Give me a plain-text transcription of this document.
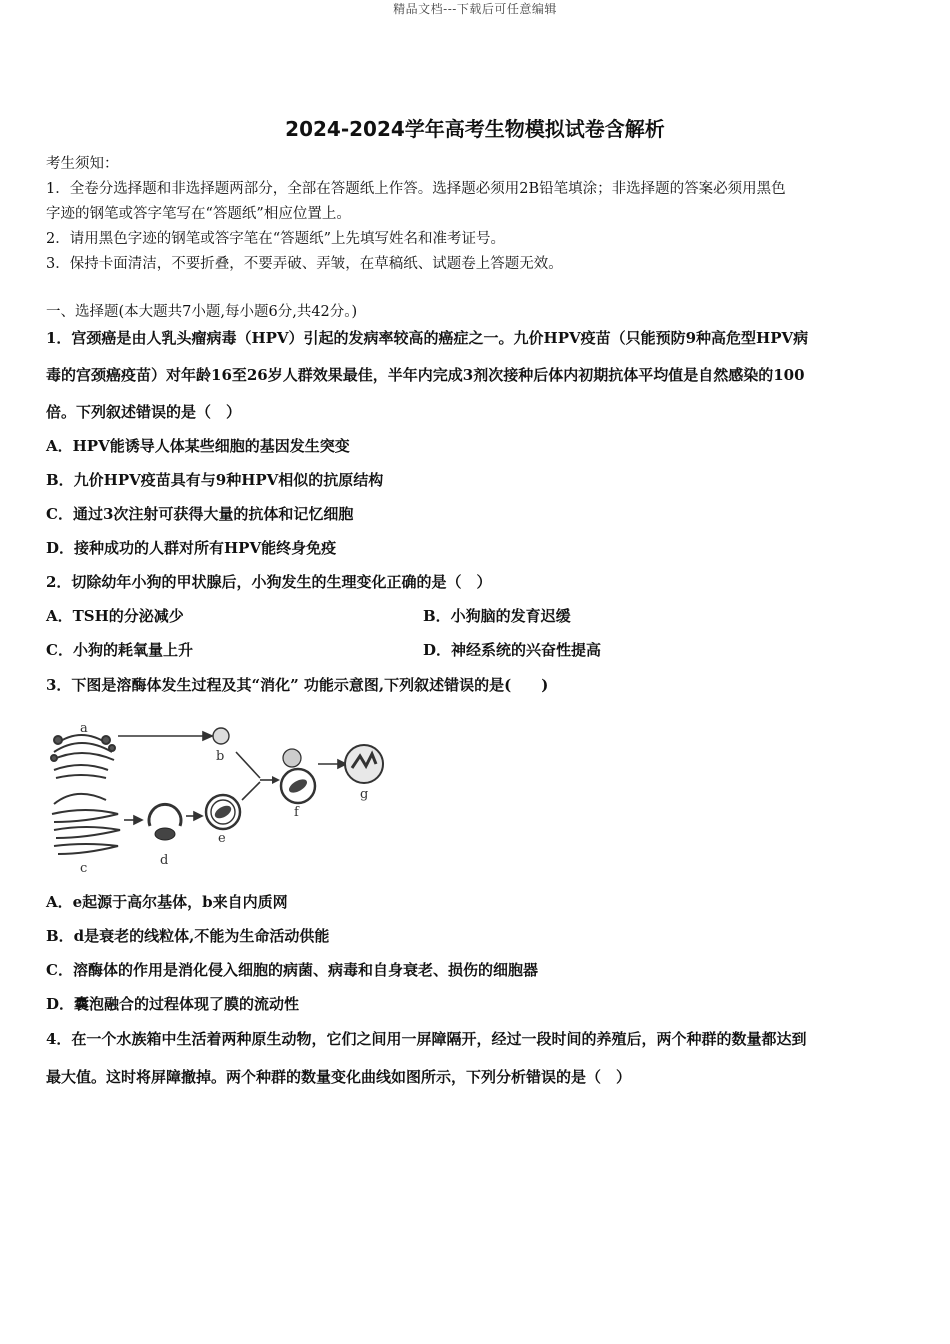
精品文档---下载后可任意编辑
2024-2024学年高考生物模拟试卷含解析
考生须知：
1．全卷分选择题和非选择题两部分，全部在答题纸上作答。选择题必须用2B铅笔填涂；非选择题的答案必须用黑色
字迹的钢笔或答字笔写在“答题纸”相应位置上。
2．请用黑色字迹的钢笔或答字笔在“答题纸”上先填写姓名和准考证号。
3．保持卡面清洁，不要折叠，不要弄破、弄皱，在草稿纸、试题卷上答题无效。
一、选择题(本大题共7小题,每小题6分,共42分。)
1．宫颈癌是由人乳头瘤病毒（HPV）引起的发病率较高的癌症之一。九价HPV疫苗（只能预防9种高危型HPV病
毒的宫颈癌疫苗）对年龄16至26岁人群效果最佳，半年内完成3剂次接种后体内初期抗体平均值是自然感染的100
倍。下列叙述错误的是（　）
A．HPV能诱导人体某些细胞的基因发生突变
B．九价HPV疫苗具有与9种HPV相似的抗原结构
C．通过3次注射可获得大量的抗体和记忆细胞
D．接种成功的人群对所有HPV能终身免疫
2．切除幼年小狗的甲状腺后，小狗发生的生理变化正确的是（　）
A．TSH的分泌减少	B．小狗脑的发育迟缓
C．小狗的耗氧量上升	D．神经系统的兴奋性提高
3．下图是溶酶体发生过程及其“消化” 功能示意图,下列叙述错误的是(　　)
a
b
c
d
e
f
g
A．e起源于高尔基体，b来自内质网
B．d是衰老的线粒体,不能为生命活动供能
C．溶酶体的作用是消化侵入细胞的病菌、病毒和自身衰老、损伤的细胞器
D．囊泡融合的过程体现了膜的流动性
4．在一个水族箱中生活着两种原生动物，它们之间用一屏障隔开，经过一段时间的养殖后，两个种群的数量都达到
最大值。这时将屏障撤掉。两个种群的数量变化曲线如图所示，下列分析错误的是（　）
